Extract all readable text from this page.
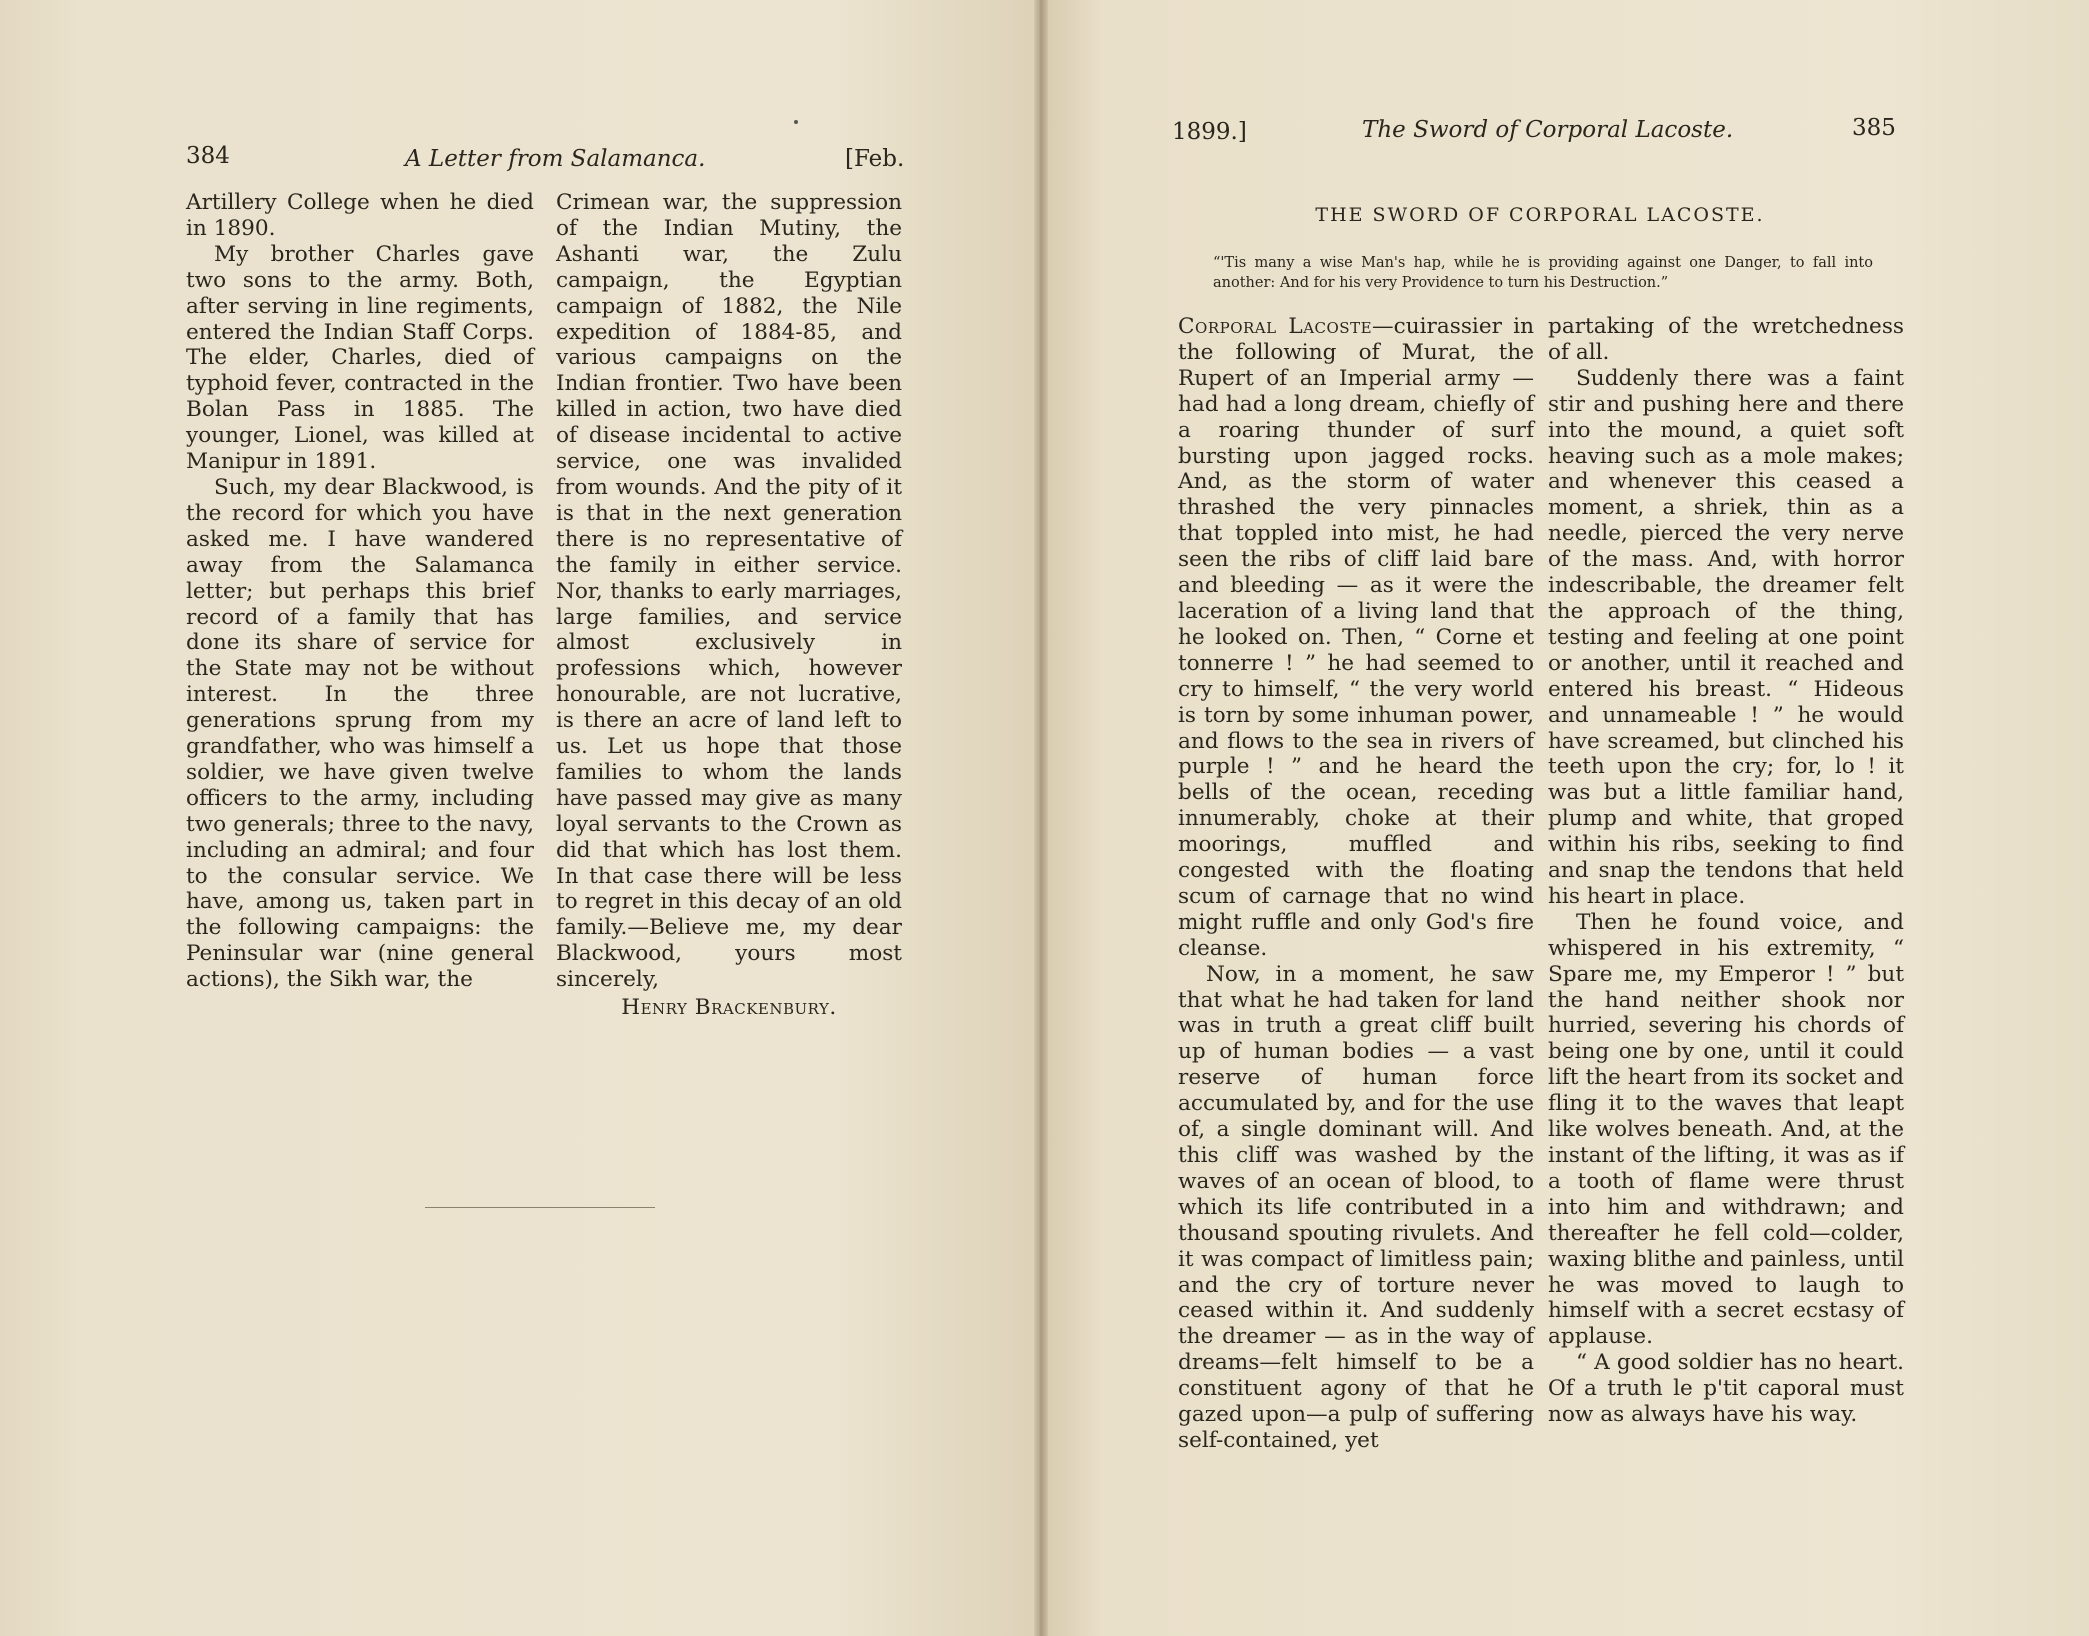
384	A Letter from Salamanca.	[Feb.

Artillery College when he died in 1890.

My brother Charles gave two sons to the army. Both, after serving in line regiments, entered the Indian Staff Corps. The elder, Charles, died of typhoid fever, contracted in the Bolan Pass in 1885. The younger, Lionel, was killed at Manipur in 1891.

Such, my dear Blackwood, is the record for which you have asked me. I have wandered away from the Salamanca letter; but perhaps this brief record of a family that has done its share of service for the State may not be without interest. In the three generations sprung from my grandfather, who was himself a soldier, we have given twelve officers to the army, including two generals; three to the navy, including an admiral; and four to the consular service. We have, among us, taken part in the following campaigns: the Peninsular war (nine general actions), the Sikh war, the

Crimean war, the suppression of the Indian Mutiny, the Ashanti war, the Zulu campaign, the Egyptian campaign of 1882, the Nile expedition of 1884-85, and various campaigns on the Indian frontier. Two have been killed in action, two have died of disease incidental to active service, one was invalided from wounds. And the pity of it is that in the next generation there is no representative of the family in either service. Nor, thanks to early marriages, large families, and service almost exclusively in professions which, however honourable, are not lucrative, is there an acre of land left to us. Let us hope that those families to whom the lands have passed may give as many loyal servants to the Crown as did that which has lost them. In that case there will be less to regret in this decay of an old family.—Believe me, my dear Blackwood, yours most sincerely,

Henry Brackenbury.

1899.]	The Sword of Corporal Lacoste.	385
THE SWORD OF CORPORAL LACOSTE.
“'Tis many a wise Man's hap, while he is providing against one Danger, to fall into another: And for his very Providence to turn his Destruction.”

Corporal Lacoste—cuirassier in the following of Murat, the Rupert of an Imperial army —had had a long dream, chiefly of a roaring thunder of surf bursting upon jagged rocks. And, as the storm of water thrashed the very pinnacles that toppled into mist, he had seen the ribs of cliff laid bare and bleeding — as it were the laceration of a living land that he looked on. Then, “ Corne et tonnerre ! ” he had seemed to cry to himself, “ the very world is torn by some inhuman power, and flows to the sea in rivers of purple ! ” and he heard the bells of the ocean, receding innumerably, choke at their moorings, muffled and congested with the floating scum of carnage that no wind might ruffle and only God's fire cleanse.

Now, in a moment, he saw that what he had taken for land was in truth a great cliff built up of human bodies — a vast reserve of human force accumulated by, and for the use of, a single dominant will. And this cliff was washed by the waves of an ocean of blood, to which its life contributed in a thousand spouting rivulets. And it was compact of limitless pain; and the cry of torture never ceased within it. And suddenly the dreamer — as in the way of dreams—felt himself to be a constituent agony of that he gazed upon—a pulp of suffering self-contained, yet

partaking of the wretchedness of all.

Suddenly there was a faint stir and pushing here and there into the mound, a quiet soft heaving such as a mole makes; and whenever this ceased a moment, a shriek, thin as a needle, pierced the very nerve of the mass. And, with horror indescribable, the dreamer felt the approach of the thing, testing and feeling at one point or another, until it reached and entered his breast. “ Hideous and unnameable ! ” he would have screamed, but clinched his teeth upon the cry; for, lo ! it was but a little familiar hand, plump and white, that groped within his ribs, seeking to find and snap the tendons that held his heart in place.

Then he found voice, and whispered in his extremity, “ Spare me, my Emperor ! ” but the hand neither shook nor hurried, severing his chords of being one by one, until it could lift the heart from its socket and fling it to the waves that leapt like wolves beneath. And, at the instant of the lifting, it was as if a tooth of flame were thrust into him and withdrawn; and thereafter he fell cold—colder, waxing blithe and painless, until he was moved to laugh to himself with a secret ecstasy of applause.

“ A good soldier has no heart. Of a truth le p'tit caporal must now as always have his way.
